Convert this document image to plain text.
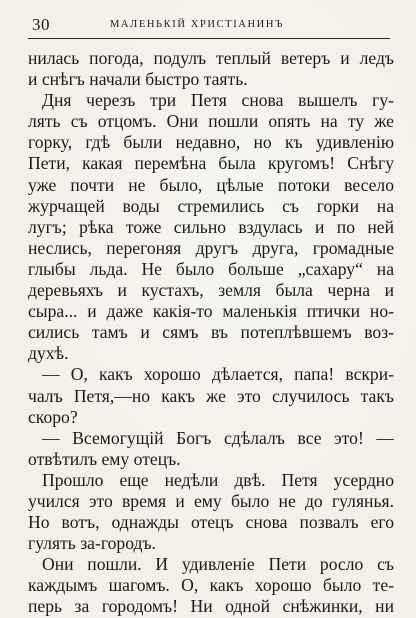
30	МАЛЕНЬКІЙ ХРИСТІАНИНЪ
нилась погода, подулъ теплый ветеръ и ледъ
и снѣгъ начали быстро таять.
Дня черезъ три Петя снова вышелъ гу-
лять съ отцомъ. Они пошли опять на ту же
горку, гдѣ были недавно, но къ удивленію
Пети, какая перемѣна была кругомъ! Снѣгу
уже почти не было, цѣлые потоки весело
журчащей воды стремились съ горки на
лугъ; рѣка тоже сильно вздулась и по ней
неслись, перегоняя другъ друга, громадные
глыбы льда. Не было больше „сахару“ на
деревьяхъ и кустахъ, земля была черна и
сыра... и даже какія-то маленькія птички но-
сились тамъ и сямъ въ потеплѣвшемъ воз-
духѣ.
— О, какъ хорошо дѣлается, папа! вскри-
чалъ Петя,—но какъ же это случилось такъ
скоро?
— Всемогущій Богъ сдѣлалъ все это! —
отвѣтилъ ему отецъ.
Прошло еще недѣли двѣ. Петя усердно
учился это время и ему было не до гулянья.
Но вотъ, однажды отецъ снова позвалъ его
гулять за-городъ.
Они пошли. И удивленіе Пети росло съ
каждымъ шагомъ. О, какъ хорошо было те-
перь за городомъ! Ни одной снѣжинки, ни
